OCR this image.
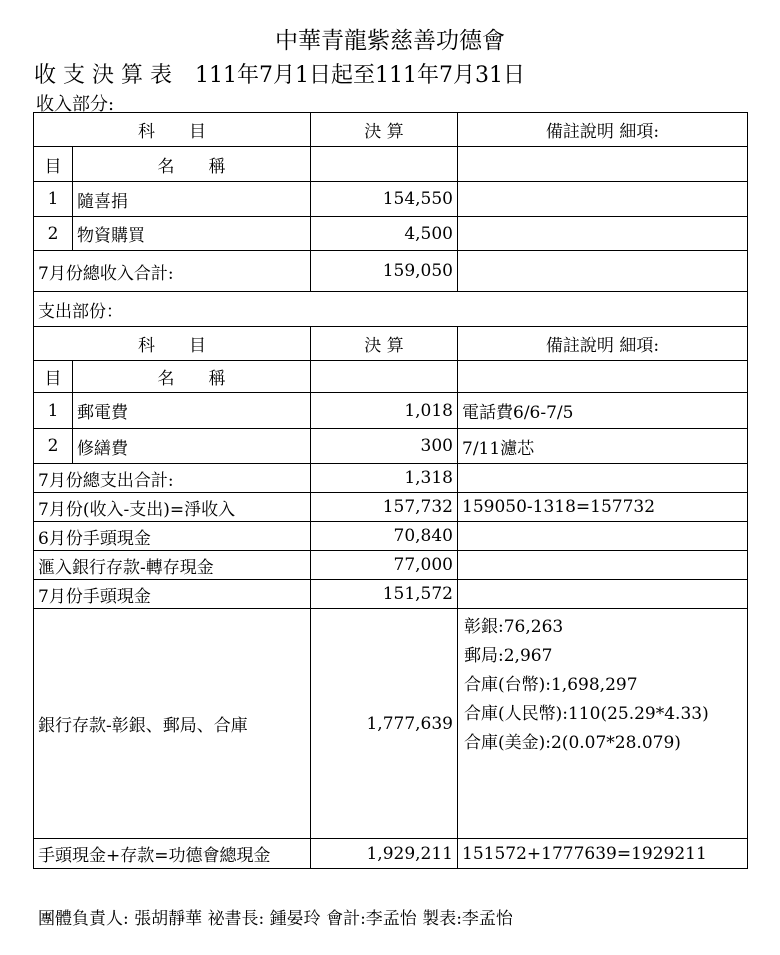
中華青龍紫慈善功德會
收支決算表 111年7月1日起至111年7月31日
收入部分:
科　　目		決 算	備註說明 細項:
目	名　　稱		
1	隨喜捐	154,550	
2	物資購買	4,500	
7月份總收入合計:		159,050	
支出部份：			
科　　目		決 算	備註說明 細項:
目	名　　稱		
1	郵電費	1,018	電話費6/6-7/5
2	修繕費	300	7/11濾芯
7月份總支出合計:		1,318	
7月份(收入-支出)=淨收入		157,732	159050-1318=157732
6月份手頭現金		70,840	
滙入銀行存款-轉存現金		77,000	
7月份手頭現金		151,572	
銀行存款-彰銀、郵局、合庫		1,777,639	彰銀:76,263
郵局:2,967
合庫(台幣):1,698,297
合庫(人民幣):110(25.29*4.33)
合庫(美金):2(0.07*28.079)

手頭現金+存款=功德會總現金		1,929,211	151572+1777639=1929211
團體負責人: 張胡靜華 祕書長: 鍾晏玲 會計:李孟怡 製表:李孟怡
